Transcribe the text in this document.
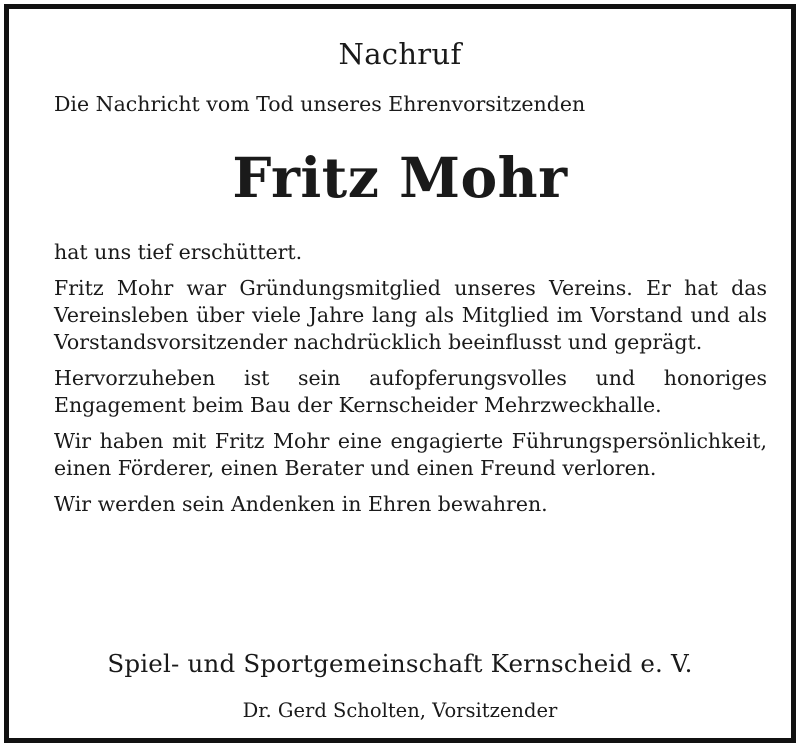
Nachruf
Die Nachricht vom Tod unseres Ehrenvorsitzenden
Fritz Mohr

hat uns tief erschüttert.

Fritz Mohr war Gründungsmitglied unseres Vereins. Er hat das Vereinsleben über viele Jahre lang als Mitglied im Vorstand und als Vorstandsvorsitzender nachdrücklich beeinflusst und geprägt.

Hervorzuheben ist sein aufopferungsvolles und honoriges Engagement beim Bau der Kernscheider Mehrzweckhalle.

Wir haben mit Fritz Mohr eine engagierte Führungspersönlichkeit, einen Förderer, einen Berater und einen Freund verloren.

Wir werden sein Andenken in Ehren bewahren.

Spiel- und Sportgemeinschaft Kernscheid e. V.
Dr. Gerd Scholten, Vorsitzender
